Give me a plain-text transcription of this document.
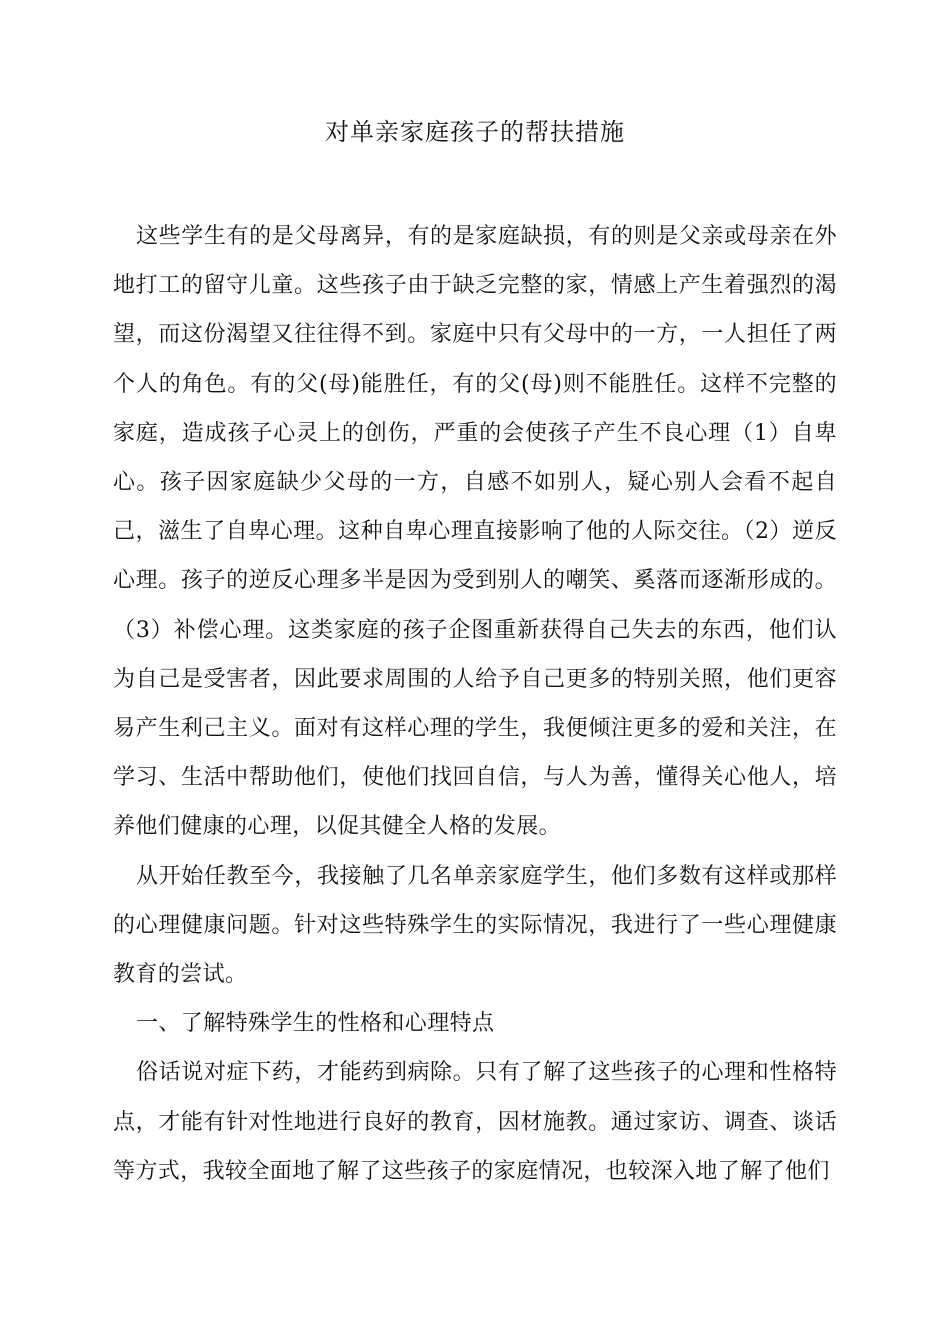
对单亲家庭孩子的帮扶措施

这些学生有的是父母离异，有的是家庭缺损，有的则是父亲或母亲在外地打工的留守儿童。这些孩子由于缺乏完整的家，情感上产生着强烈的渴望，而这份渴望又往往得不到。家庭中只有父母中的一方，一人担任了两个人的角色。有的父(母)能胜任，有的父(母)则不能胜任。这样不完整的家庭，造成孩子心灵上的创伤，严重的会使孩子产生不良心理（1）自卑心。孩子因家庭缺少父母的一方，自感不如别人，疑心别人会看不起自己，滋生了自卑心理。这种自卑心理直接影响了他的人际交往。（2）逆反心理。孩子的逆反心理多半是因为受到别人的嘲笑、奚落而逐渐形成的。（3）补偿心理。这类家庭的孩子企图重新获得自己失去的东西，他们认为自己是受害者，因此要求周围的人给予自己更多的特别关照，他们更容易产生利己主义。面对有这样心理的学生，我便倾注更多的爱和关注，在学习、生活中帮助他们，使他们找回自信，与人为善，懂得关心他人，培养他们健康的心理，以促其健全人格的发展。

从开始任教至今，我接触了几名单亲家庭学生，他们多数有这样或那样的心理健康问题。针对这些特殊学生的实际情况，我进行了一些心理健康教育的尝试。

一、了解特殊学生的性格和心理特点

俗话说对症下药，才能药到病除。只有了解了这些孩子的心理和性格特点，才能有针对性地进行良好的教育，因材施教。通过家访、调查、谈话等方式，我较全面地了解了这些孩子的家庭情况，也较深入地了解了他们
